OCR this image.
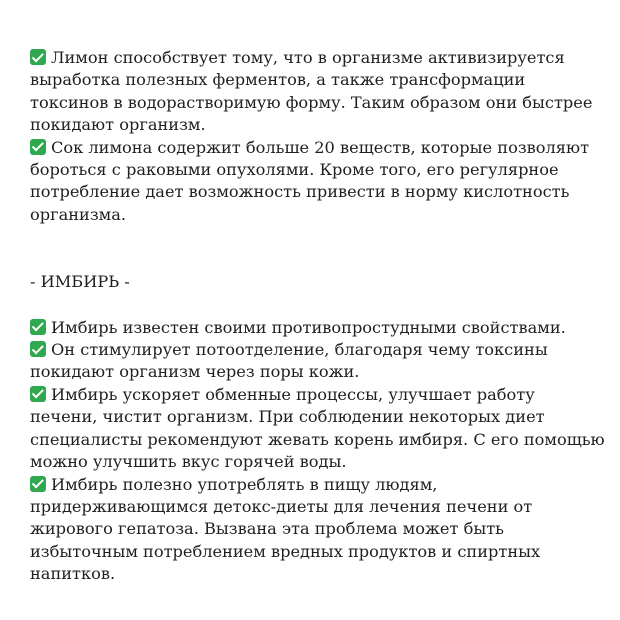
Лимон способствует тому, что в организме активизируется выработка полезных ферментов, а также трансформации токсинов в водорастворимую форму. Таким образом они быстрее покидают организм.

Сок лимона содержит больше 20 веществ, которые позволяют бороться с раковыми опухолями. Кроме того, его регулярное потребление дает возможность привести в норму кислотность организма.

- ИМБИРЬ -

Имбирь известен своими противопростудными свойствами.

Он стимулирует потоотделение, благодаря чему токсины покидают организм через поры кожи.

Имбирь ускоряет обменные процессы, улучшает работу печени, чистит организм. При соблюдении некоторых диет специалисты рекомендуют жевать корень имбиря. С его помощью можно улучшить вкус горячей воды.

Имбирь полезно употреблять в пищу людям, придерживающимся детокс-диеты для лечения печени от жирового гепатоза. Вызвана эта проблема может быть избыточным потреблением вредных продуктов и спиртных напитков.
